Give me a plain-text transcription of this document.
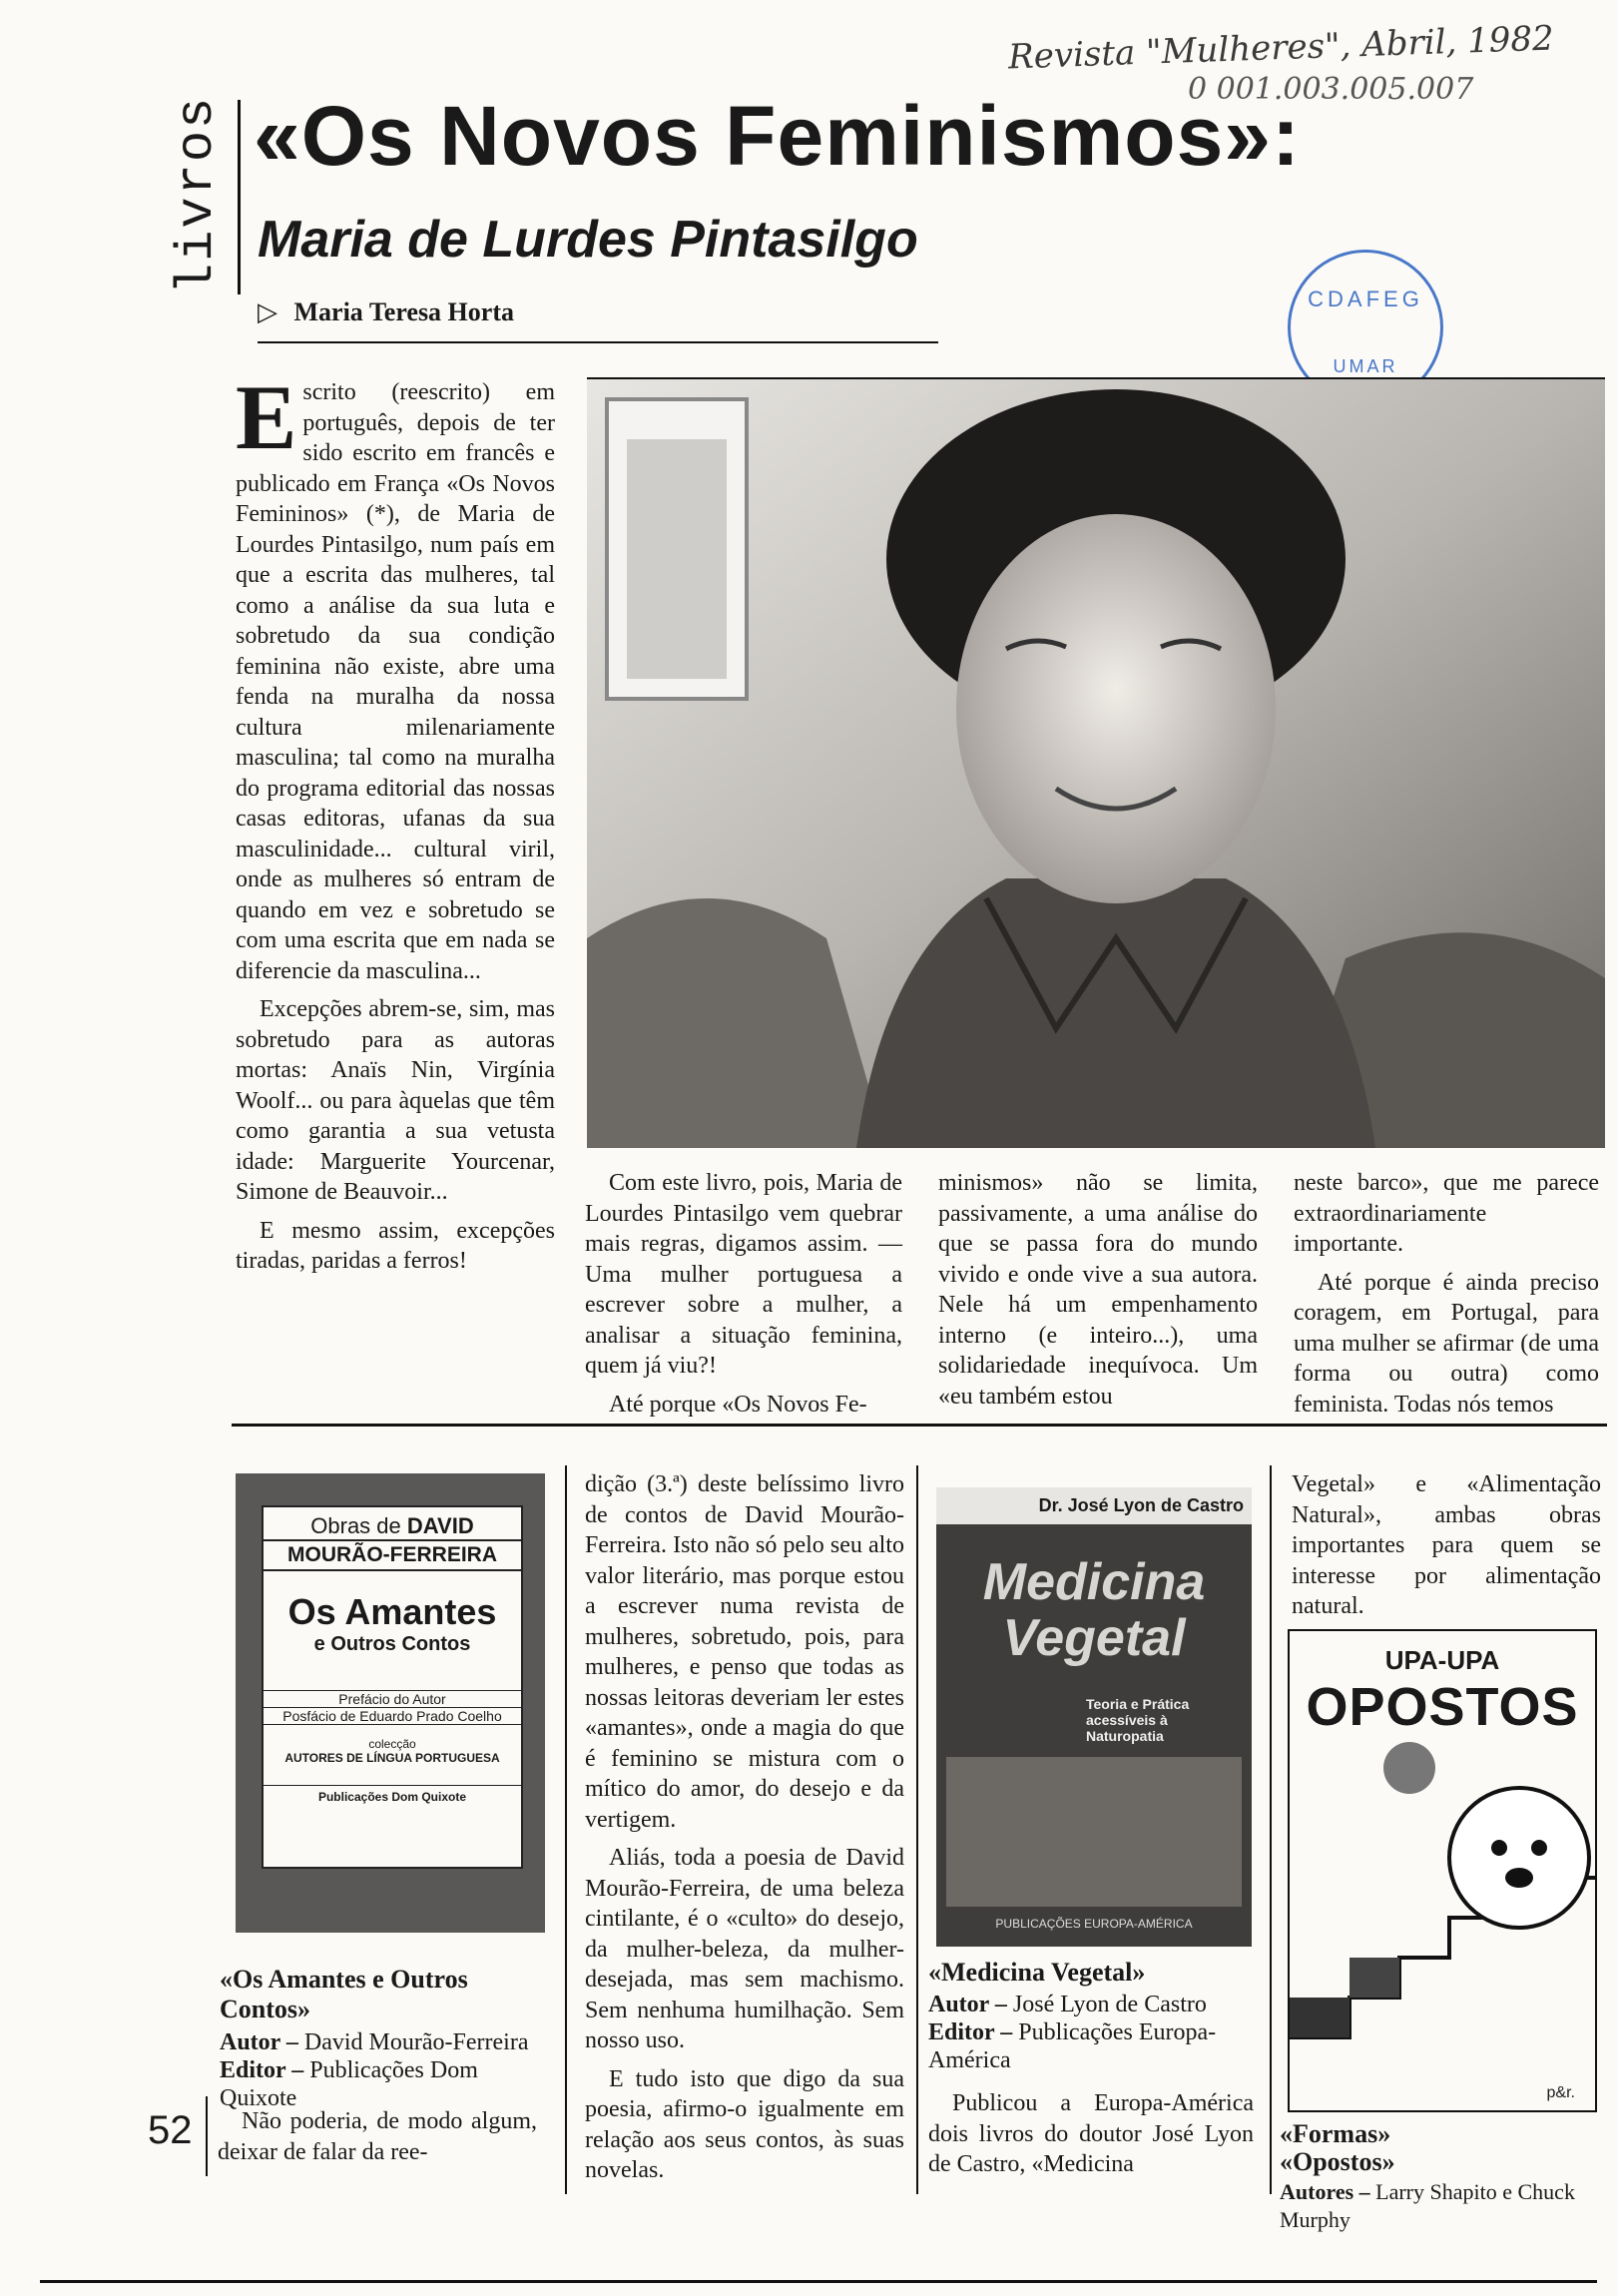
Revista "Mulheres", Abril, 1982
0 001.003.005.007
livros «Os Novos Feminismos»:
Maria de Lurdes Pintasilgo
▷ Maria Teresa Horta	CDAFEG
UMAR

E scrito (reescrito) em português, depois de ter sido escrito em francês e publicado em França «Os Novos Femininos» (*), de Maria de Lourdes Pintasilgo, num país em que a escrita das mulheres, tal como a análise da sua luta e sobretudo da sua condição feminina não existe, abre uma fenda na muralha da nossa cultura milenariamente masculina; tal como na muralha do programa editorial das nossas casas editoras, ufanas da sua masculinidade... cultural viril, onde as mulheres só entram de quando em vez e sobretudo se com uma escrita que em nada se diferencie da masculina...

Excepções abrem-se, sim, mas sobretudo para as autoras mortas: Anaïs Nin, Virgínia Woolf... ou para àquelas que têm como garantia a sua vetusta idade: Marguerite Yourcenar, Simone de Beauvoir...

E mesmo assim, excepções tiradas, paridas a ferros!

Com este livro, pois, Maria de Lourdes Pintasilgo vem quebrar mais regras, digamos assim. — Uma mulher portuguesa a escrever sobre a mulher, a analisar a situação feminina, quem já viu?!

Até porque «Os Novos Fe-

minismos» não se limita, passivamente, a uma análise do que se passa fora do mundo vivido e onde vive a sua autora. Nele há um empenhamento interno (e inteiro...), uma solidariedade inequívoca. Um «eu também estou

neste barco», que me parece extraordinariamente importante.

Até porque é ainda preciso coragem, em Portugal, para uma mulher se afirmar (de uma forma ou outra) como feminista. Todas nós temos

Obras de DAVID
MOURÃO-FERREIRA
Os Amantes
e Outros Contos
Prefácio do Autor
Posfácio de Eduardo Prado Coelho
colecção
AUTORES DE LÍNGUA PORTUGUESA
Publicações Dom Quixote
«Os Amantes e Outros Contos»
Autor – David Mourão-Ferreira
Editor – Publicações Dom Quixote
52	Não poderia, de modo algum, deixar de falar da ree-

dição (3.ª) deste belíssimo livro de contos de David Mourão-Ferreira. Isto não só pelo seu alto valor literário, mas porque estou a escrever numa revista de mulheres, sobretudo, pois, para mulheres, e penso que todas as nossas leitoras deveriam ler estes «amantes», onde a magia do que é feminino se mistura com o mítico do amor, do desejo e da vertigem.

Aliás, toda a poesia de David Mourão-Ferreira, de uma beleza cintilante, é o «culto» do desejo, da mulher-beleza, da mulher-desejada, mas sem machismo. Sem nenhuma humilhação. Sem nosso uso.

E tudo isto que digo da sua poesia, afirmo-o igualmente em relação aos seus contos, às suas novelas.

Dr. José Lyon de Castro
Medicina
Vegetal
Teoria e Prática acessíveis à Naturopatia
PUBLICAÇÕES EUROPA-AMÉRICA
«Medicina Vegetal»
Autor – José Lyon de Castro
Editor – Publicações Europa-América

Publicou a Europa-América dois livros do doutor José Lyon de Castro, «Medicina

Vegetal» e «Alimentação Natural», ambas obras importantes para quem se interesse por alimentação natural.

UPA-UPA
OPOSTOS
p&r.
«Formas»
«Opostos»
Autores – Larry Shapito e Chuck Murphy
